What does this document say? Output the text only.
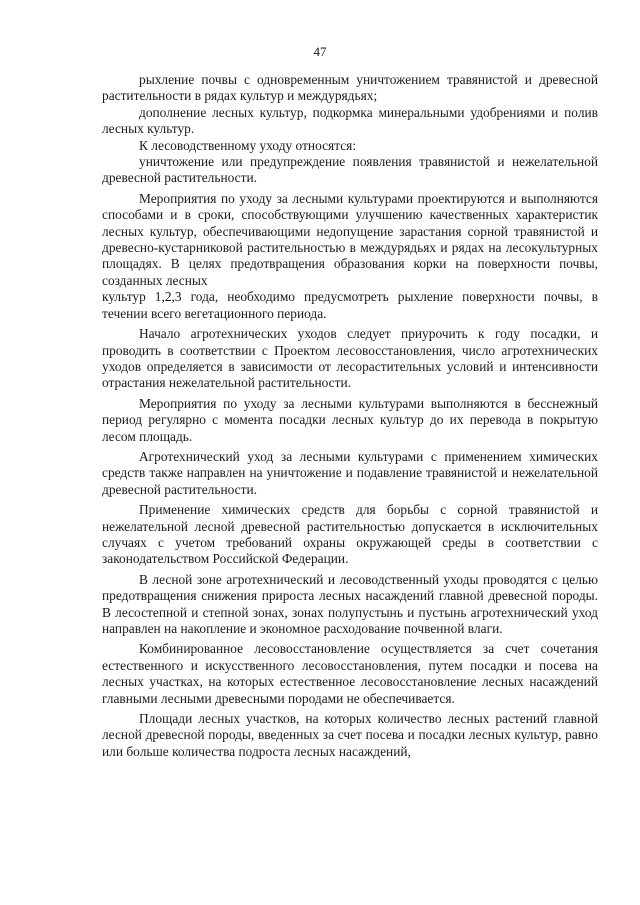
47

рыхление почвы с одновременным уничтожением травянистой и древесной растительности в рядах культур и междурядьях;

дополнение лесных культур, подкормка минеральными удобрениями и полив лесных культур.

К лесоводственному уходу относятся:

уничтожение или предупреждение появления травянистой и нежелательной древесной растительности.

Мероприятия по уходу за лесными культурами проектируются и выполняются способами и в сроки, способствующими улучшению качественных характеристик лесных культур, обеспечивающими недопущение зарастания сорной травянистой и древесно-кустарниковой растительностью в междурядьях и рядах на лесокультурных площадях. В целях предотвращения образования корки на поверхности почвы, созданных лесных

культур 1,2,3 года, необходимо предусмотреть рыхление поверхности почвы, в течении всего вегетационного периода.

Начало агротехнических уходов следует приурочить к году посадки, и проводить в соответствии с Проектом лесовосстановления, число агротехнических уходов определяется в зависимости от лесорастительных условий и интенсивности отрастания нежелательной растительности.

Мероприятия по уходу за лесными культурами выполняются в бесснежный период регулярно с момента посадки лесных культур до их перевода в покрытую лесом площадь.

Агротехнический уход за лесными культурами с применением химических средств также направлен на уничтожение и подавление травянистой и нежелательной древесной растительности.

Применение химических средств для борьбы с сорной травянистой и нежелательной лесной древесной растительностью допускается в исключительных случаях с учетом требований охраны окружающей среды в соответствии с законодательством Российской Федерации.

В лесной зоне агротехнический и лесоводственный уходы проводятся с целью предотвращения снижения прироста лесных насаждений главной древесной породы. В лесостепной и степной зонах, зонах полупустынь и пустынь агротехнический уход направлен на накопление и экономное расходование почвенной влаги.

Комбинированное лесовосстановление осуществляется за счет сочетания естественного и искусственного лесовосстановления, путем посадки и посева на лесных участках, на которых естественное лесовосстановление лесных насаждений главными лесными древесными породами не обеспечивается.

Площади лесных участков, на которых количество лесных растений главной лесной древесной породы, введенных за счет посева и посадки лесных культур, равно или больше количества подроста лесных насаждений,
